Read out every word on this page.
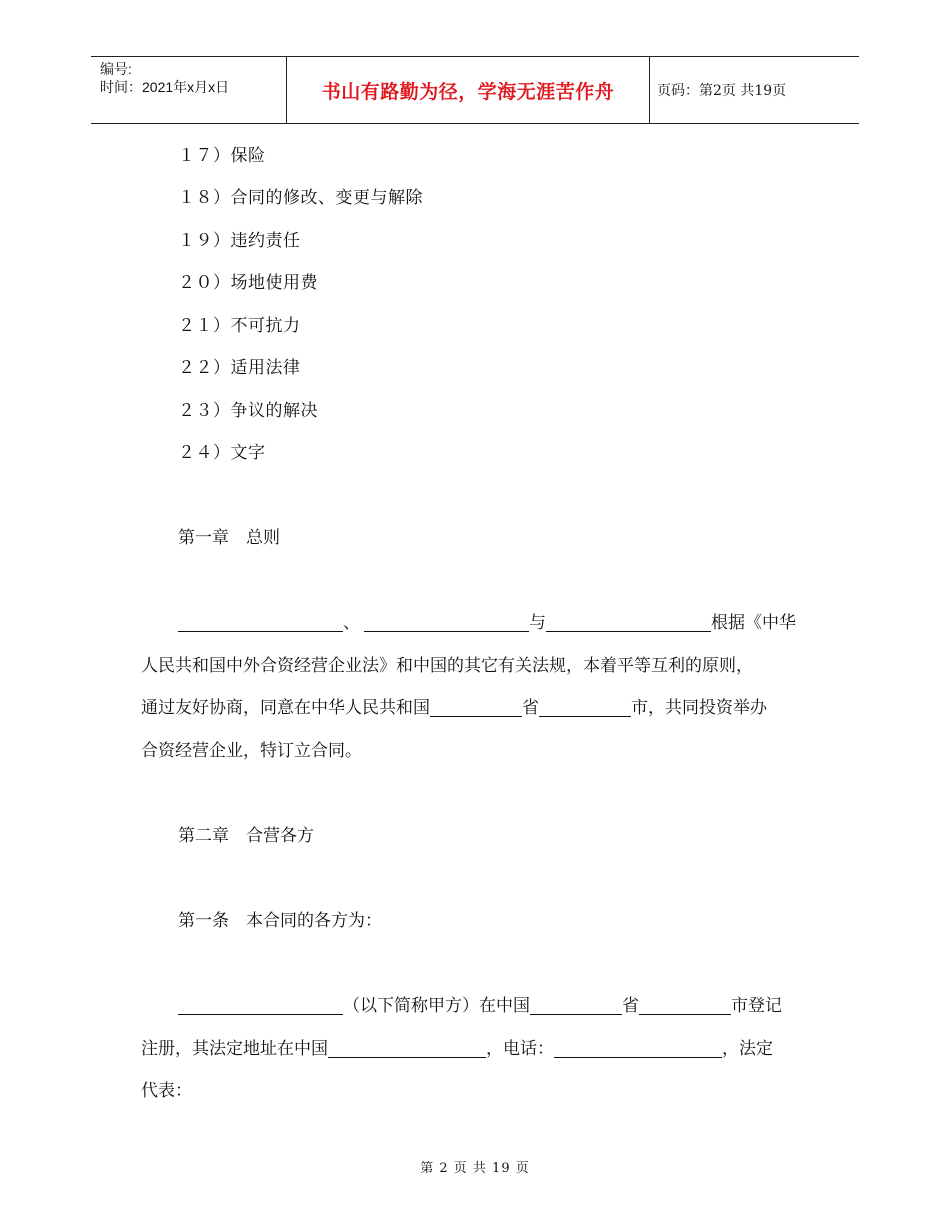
编号:
时间：2021年x月x日	书山有路勤为径，学海无涯苦作舟	页码：第2页 共19页
１７）保险
１８）合同的修改、变更与解除
１９）违约责任
２０）场地使用费
２１）不可抗力
２２）适用法律
２３）争议的解决
２４）文字
第一章　总则
、	与	根据《中华
人民共和国中外合资经营企业法》和中国的其它有关法规，本着平等互利的原则，
通过友好协商，同意在中华人民共和国	省	市，共同投资举办
合资经营企业，特订立合同。
第二章　合营各方
第一条　本合同的各方为：
（以下简称甲方）在中国	省	市登记
注册，其法定地址在中国	，电话：	，法定
代表：
第 2 页 共 19 页
